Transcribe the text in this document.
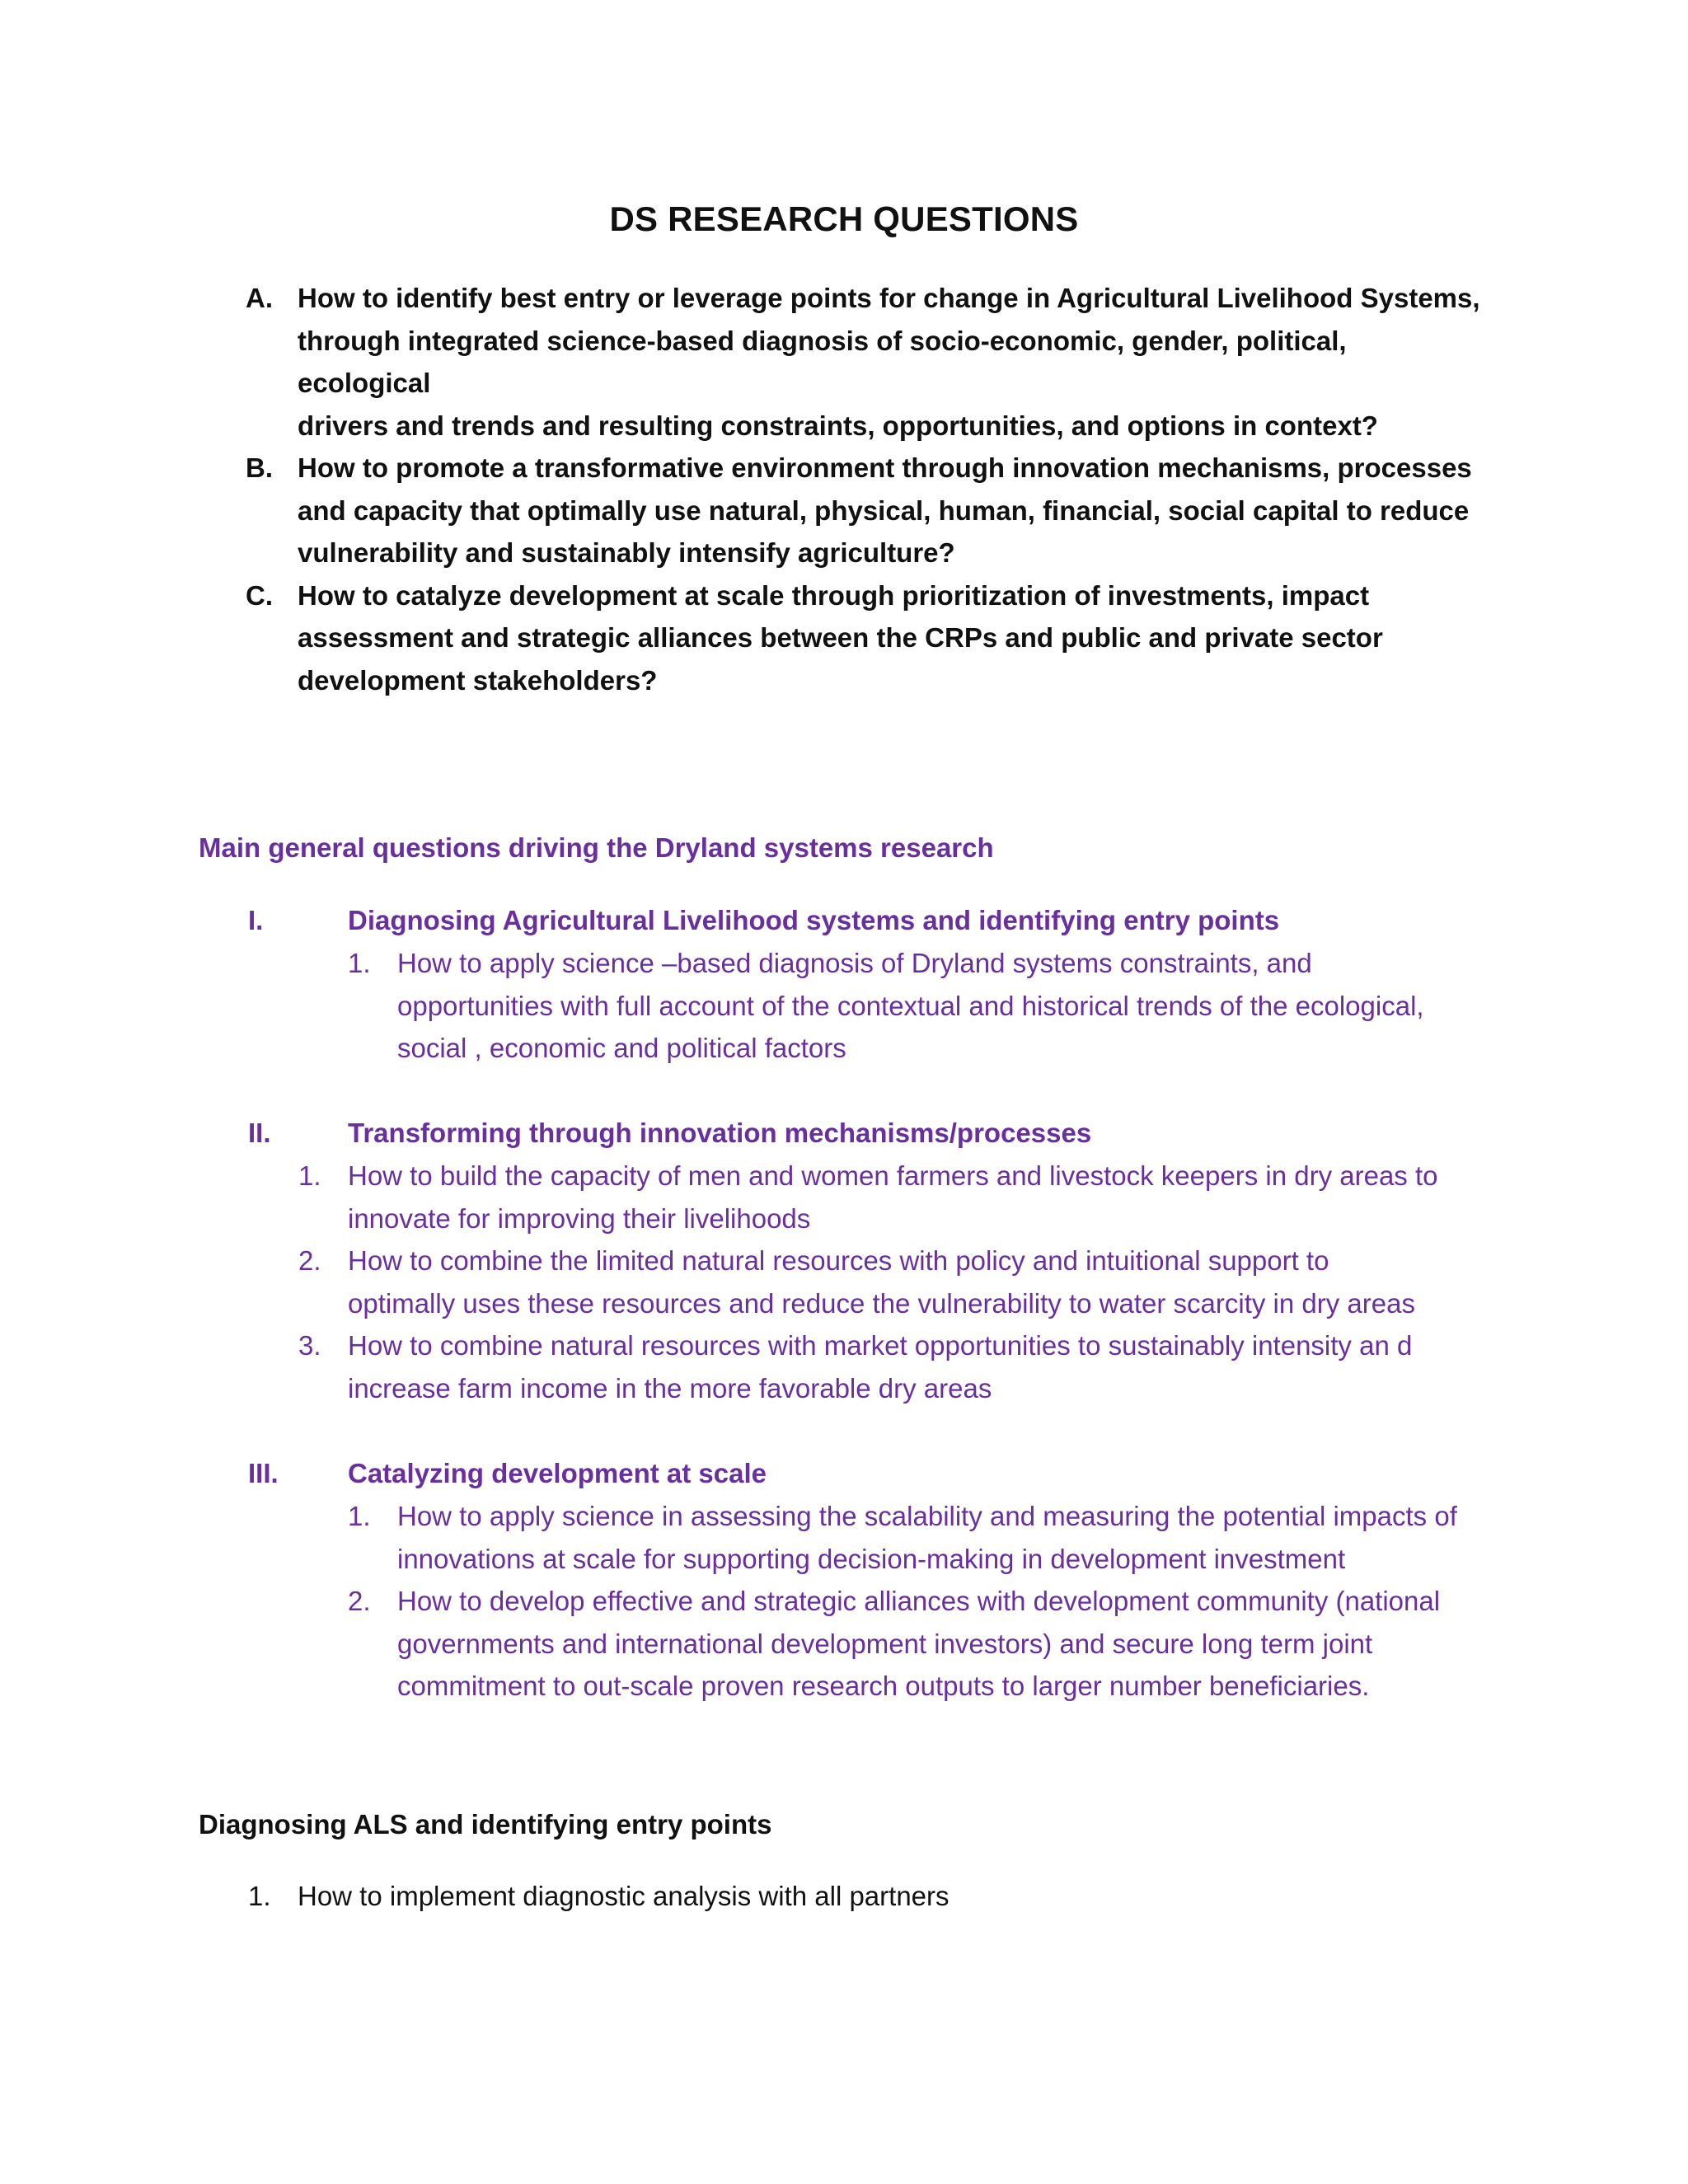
DS RESEARCH QUESTIONS
A. How to identify best entry or leverage points for change in Agricultural Livelihood Systems,
through integrated science-based diagnosis of socio-economic, gender, political, ecological
drivers and trends and resulting constraints, opportunities, and options in context?
B. How to promote a transformative environment through innovation mechanisms, processes
and capacity that optimally use natural, physical, human, financial, social capital to reduce
vulnerability and sustainably intensify agriculture?
C. How to catalyze development at scale through prioritization of investments, impact
assessment and strategic alliances between the CRPs and public and private sector
development stakeholders?
Main general questions driving the Dryland systems research
I.	Diagnosing Agricultural Livelihood systems and identifying entry points
1. How to apply science –based diagnosis of Dryland systems constraints, and
opportunities with full account of the contextual and historical trends of the ecological,
social , economic and political factors
II.	Transforming through innovation mechanisms/processes
1. How to build the capacity of men and women farmers and livestock keepers in dry areas to
innovate for improving their livelihoods
2. How to combine the limited natural resources with policy and intuitional support to
optimally uses these resources and reduce the vulnerability to water scarcity in dry areas
3. How to combine natural resources with market opportunities to sustainably intensity an d
increase farm income in the more favorable dry areas
III.	Catalyzing development at scale
1. How to apply science in assessing the scalability and measuring the potential impacts of
innovations at scale for supporting decision-making in development investment
2. How to develop effective and strategic alliances with development community (national
governments and international development investors) and secure long term joint
commitment to out-scale proven research outputs to larger number beneficiaries.
Diagnosing ALS and identifying entry points
1. How to implement diagnostic analysis with all partners
